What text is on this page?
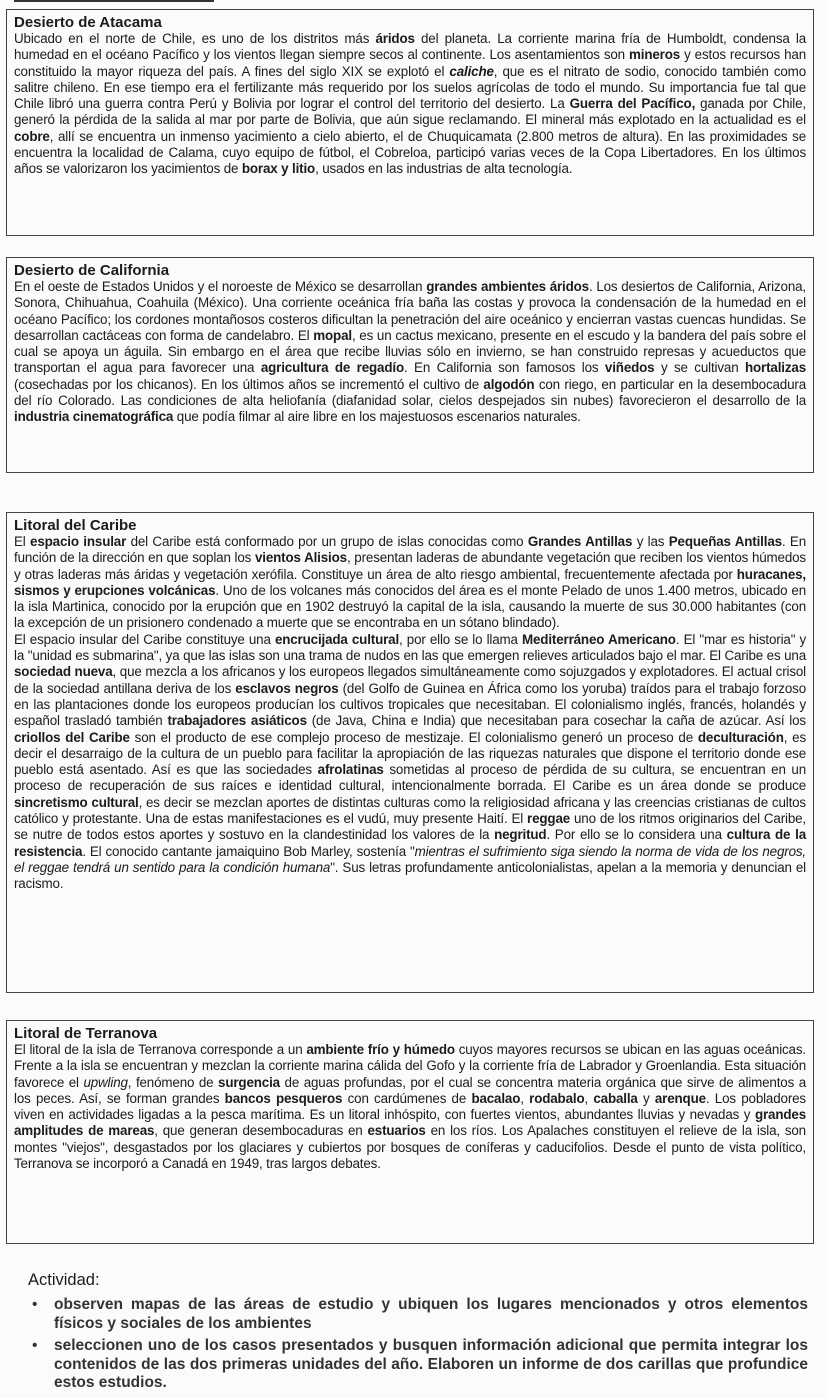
Desierto de Atacama

Ubicado en el norte de Chile, es uno de los distritos más áridos del planeta. La corriente marina fría de Humboldt, condensa la humedad en el océano Pacífico y los vientos llegan siempre secos al continente. Los asentamientos son mineros y estos recursos han constituido la mayor riqueza del país. A fines del siglo XIX se explotó el caliche, que es el nitrato de sodio, conocido también como salitre chileno. En ese tiempo era el fertilizante más requerido por los suelos agrícolas de todo el mundo. Su importancia fue tal que Chile libró una guerra contra Perú y Bolivia por lograr el control del territorio del desierto. La Guerra del Pacífico, ganada por Chile, generó la pérdida de la salida al mar por parte de Bolivia, que aún sigue reclamando. El mineral más explotado en la actualidad es el cobre, allí se encuentra un inmenso yacimiento a cielo abierto, el de Chuquicamata (2.800 metros de altura). En las proximidades se encuentra la localidad de Calama, cuyo equipo de fútbol, el Cobreloa, participó varias veces de la Copa Libertadores. En los últimos años se valorizaron los yacimientos de borax y litio, usados en las industrias de alta tecnología.

Desierto de California

En el oeste de Estados Unidos y el noroeste de México se desarrollan grandes ambientes áridos. Los desiertos de California, Arizona, Sonora, Chihuahua, Coahuila (México). Una corriente oceánica fría baña las costas y provoca la condensación de la humedad en el océano Pacífico; los cordones montañosos costeros dificultan la penetración del aire oceánico y encierran vastas cuencas hundidas. Se desarrollan cactáceas con forma de candelabro. El mopal, es un cactus mexicano, presente en el escudo y la bandera del país sobre el cual se apoya un águila. Sin embargo en el área que recibe lluvias sólo en invierno, se han construido represas y acueductos que transportan el agua para favorecer una agricultura de regadío. En California son famosos los viñedos y se cultivan hortalizas (cosechadas por los chicanos). En los últimos años se incrementó el cultivo de algodón con riego, en particular en la desembocadura del río Colorado. Las condiciones de alta heliofanía (diafanidad solar, cielos despejados sin nubes) favorecieron el desarrollo de la industria cinematográfica que podía filmar al aire libre en los majestuosos escenarios naturales.

Litoral del Caribe

El espacio insular del Caribe está conformado por un grupo de islas conocidas como Grandes Antillas y las Pequeñas Antillas. En función de la dirección en que soplan los vientos Alisios, presentan laderas de abundante vegetación que reciben los vientos húmedos y otras laderas más áridas y vegetación xerófila. Constituye un área de alto riesgo ambiental, frecuentemente afectada por huracanes, sismos y erupciones volcánicas. Uno de los volcanes más conocidos del área es el monte Pelado de unos 1.400 metros, ubicado en la isla Martinica, conocido por la erupción que en 1902 destruyó la capital de la isla, causando la muerte de sus 30.000 habitantes (con la excepción de un prisionero condenado a muerte que se encontraba en un sótano blindado).

El espacio insular del Caribe constituye una encrucijada cultural, por ello se lo llama Mediterráneo Americano. El "mar es historia" y la "unidad es submarina", ya que las islas son una trama de nudos en las que emergen relieves articulados bajo el mar. El Caribe es una sociedad nueva, que mezcla a los africanos y los europeos llegados simultáneamente como sojuzgados y explotadores. El actual crisol de la sociedad antillana deriva de los esclavos negros (del Golfo de Guinea en África como los yoruba) traídos para el trabajo forzoso en las plantaciones donde los europeos producían los cultivos tropicales que necesitaban. El colonialismo inglés, francés, holandés y español trasladó también trabajadores asiáticos (de Java, China e India) que necesitaban para cosechar la caña de azúcar. Así los criollos del Caribe son el producto de ese complejo proceso de mestizaje. El colonialismo generó un proceso de deculturación, es decir el desarraigo de la cultura de un pueblo para facilitar la apropiación de las riquezas naturales que dispone el territorio donde ese pueblo está asentado. Así es que las sociedades afrolatinas sometidas al proceso de pérdida de su cultura, se encuentran en un proceso de recuperación de sus raíces e identidad cultural, intencionalmente borrada. El Caribe es un área donde se produce sincretismo cultural, es decir se mezclan aportes de distintas culturas como la religiosidad africana y las creencias cristianas de cultos católico y protestante. Una de estas manifestaciones es el vudú, muy presente Haití. El reggae uno de los ritmos originarios del Caribe, se nutre de todos estos aportes y sostuvo en la clandestinidad los valores de la negritud. Por ello se lo considera una cultura de la resistencia. El conocido cantante jamaiquino Bob Marley, sostenía "mientras el sufrimiento siga siendo la norma de vida de los negros, el reggae tendrá un sentido para la condición humana". Sus letras profundamente anticolonialistas, apelan a la memoria y denuncian el racismo.

Litoral de Terranova

El litoral de la isla de Terranova corresponde a un ambiente frío y húmedo cuyos mayores recursos se ubican en las aguas oceánicas. Frente a la isla se encuentran y mezclan la corriente marina cálida del Gofo y la corriente fría de Labrador y Groenlandia. Esta situación favorece el upwling, fenómeno de surgencia de aguas profundas, por el cual se concentra materia orgánica que sirve de alimentos a los peces. Así, se forman grandes bancos pesqueros con cardúmenes de bacalao, rodabalo, caballa y arenque. Los pobladores viven en actividades ligadas a la pesca marítima. Es un litoral inhóspito, con fuertes vientos, abundantes lluvias y nevadas y grandes amplitudes de mareas, que generan desembocaduras en estuarios en los ríos. Los Apalaches constituyen el relieve de la isla, son montes "viejos", desgastados por los glaciares y cubiertos por bosques de coníferas y caducifolios. Desde el punto de vista político, Terranova se incorporó a Canadá en 1949, tras largos debates.

Actividad:
• observen mapas de las áreas de estudio y ubiquen los lugares mencionados y otros elementos físicos y sociales de los ambientes
• seleccionen uno de los casos presentados y busquen información adicional que permita integrar los contenidos de las dos primeras unidades del año. Elaboren un informe de dos carillas que profundice estos estudios.
